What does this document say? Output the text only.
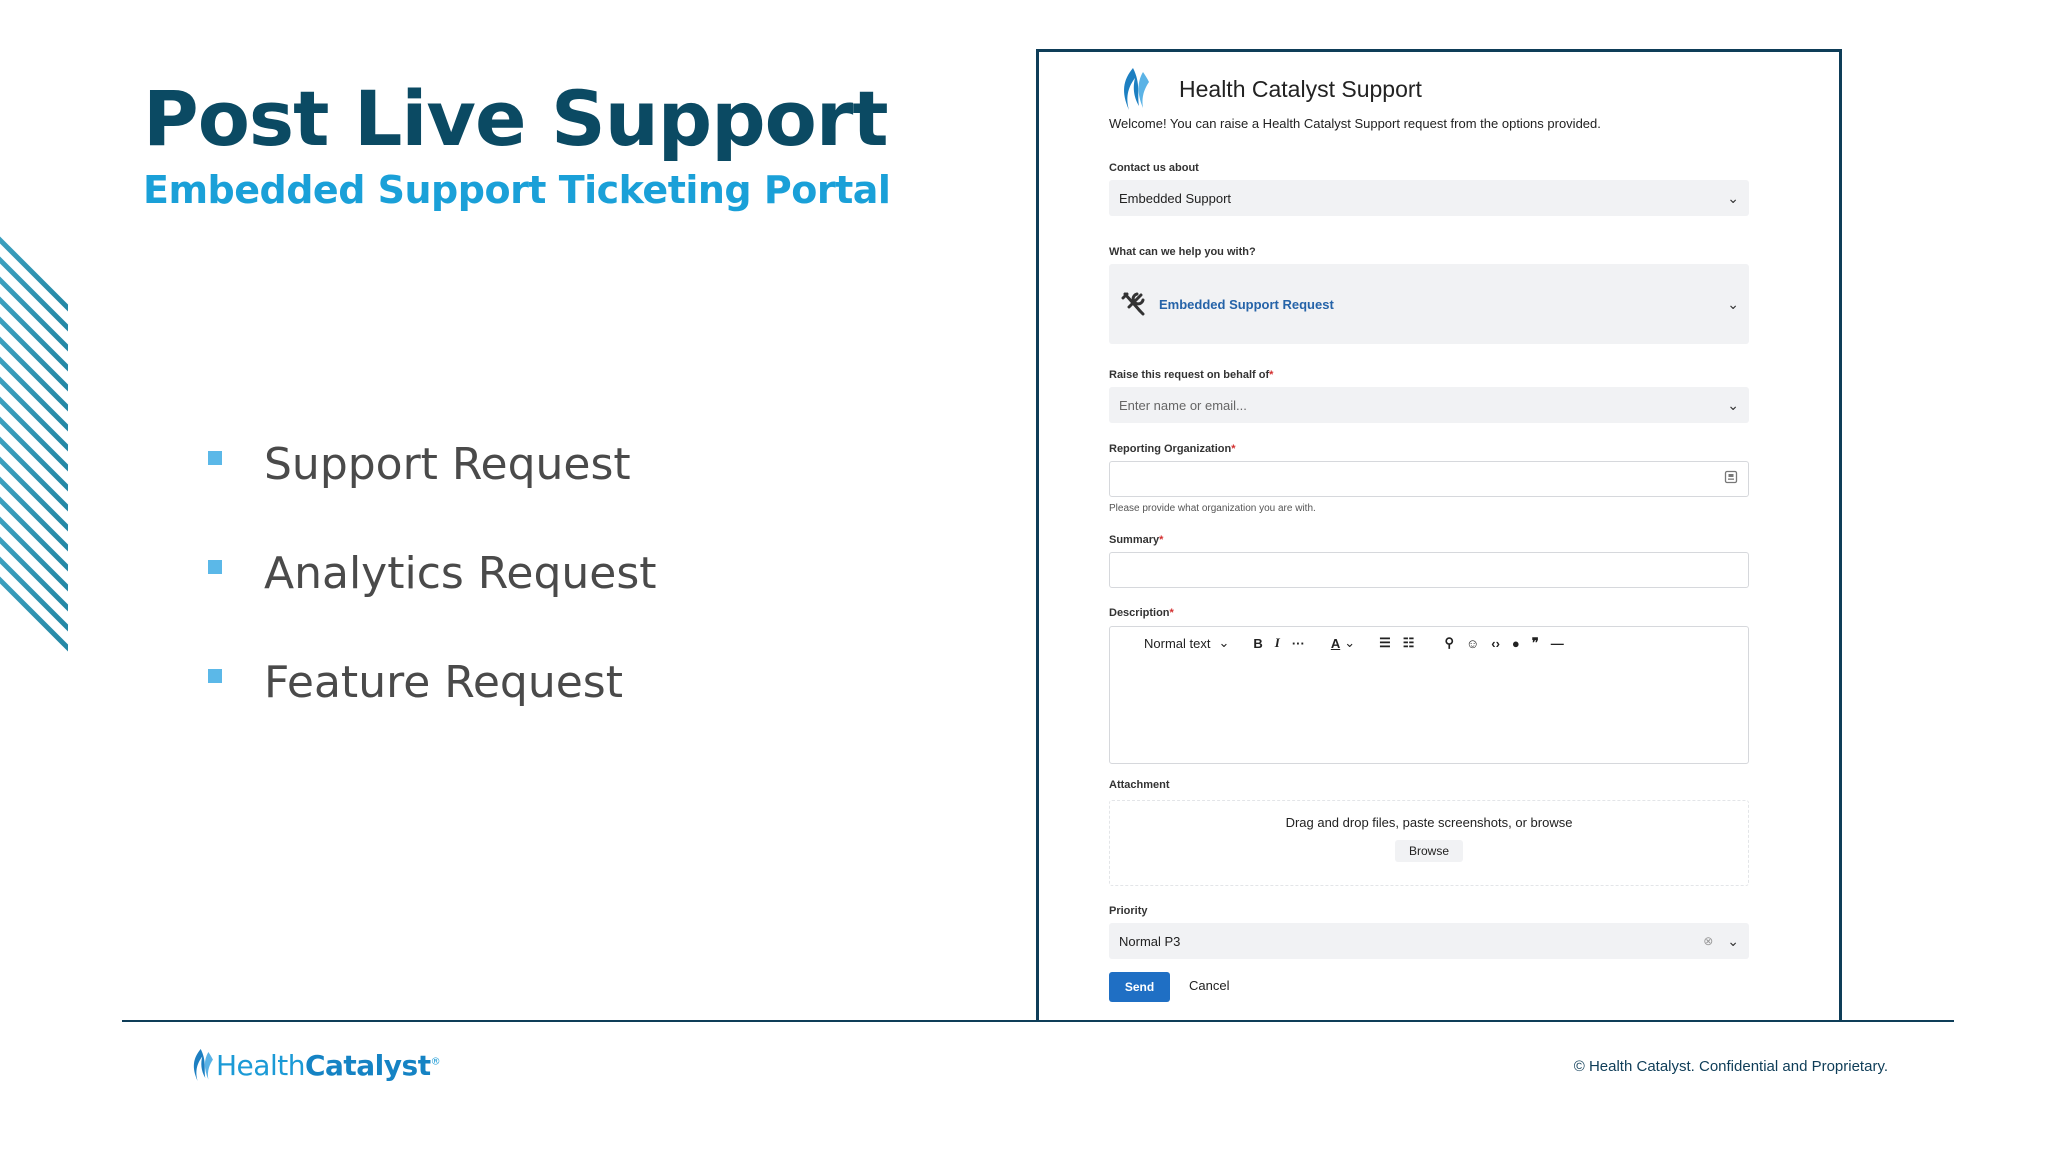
Post Live Support
Embedded Support Ticketing Portal
Support Request
Analytics Request
Feature Request
Health Catalyst Support
Welcome! You can raise a Health Catalyst Support request from the options provided.
Contact us about
Embedded Support	⌄
What can we help you with?
Embedded Support Request	⌄
Raise this request on behalf of*
Enter name or email...	⌄
Reporting Organization*
Please provide what organization you are with.
Summary*
Description*
Normal text ⌄ B I ··· A ⌄ ☰ ☷ ⚲ ☺ ‹› ● ❞ —
Attachment
Drag and drop files, paste screenshots, or browse
Browse
Priority
Normal P3	⊗ ⌄
Send	Cancel
HealthCatalyst®	© Health Catalyst. Confidential and Proprietary.
